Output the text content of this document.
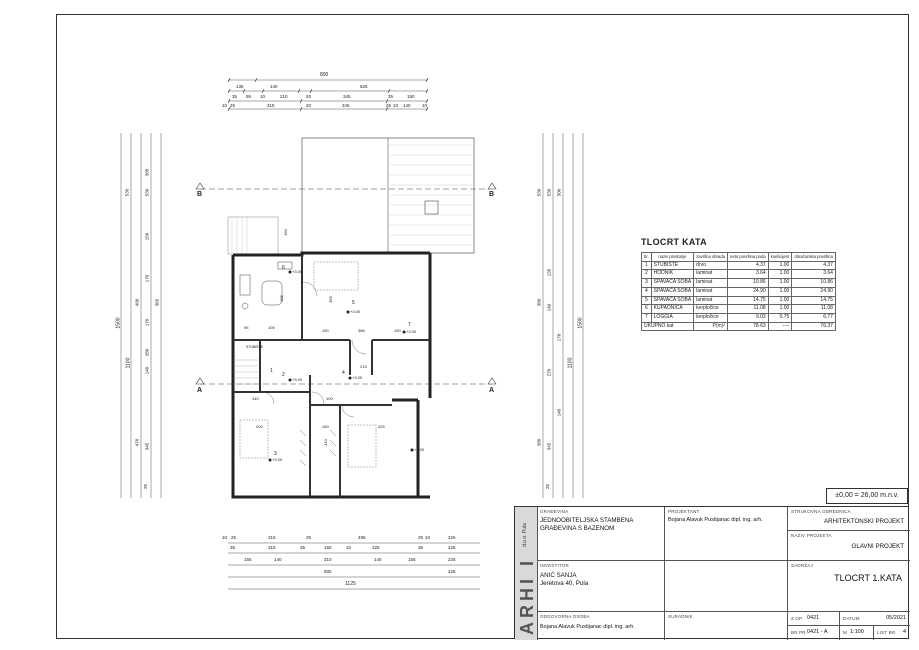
B	B
A	A
800
135	140	625
35 95 10	210	20	345	35	150
10 25	315	20	345	25 10 140	10
10 25	315	25	495	25 10	225
35	315	35	160	10	325	35	225
155	140	310	140	155	225
800	225
1125
1500
1100
530	530
380
150
170
170
490	365
140
280
470
345
25
1500
1100
530 530 500
135
380
140
170
270
140
380
345
25
1
2
3
4
5
6
7
+3.00
+3.00
+3.00
+3.00	+3.00
+3.00
+3.00
STUBIŠTE
190
150	386
365
150
140
200	160	325
310
185
95	105
100
215
TLOCRT KATA
br.	naziv prostorije	završna obrada	neto površina poda	koeficijent	obračunska površina
1	STUBIŠTE	drvo	4.37	1.00	4.37
2	HODNIK	laminat	3.64	1.00	3.64
3	SPAVAĆA SOBA	laminat	10.86	1.00	10.86
4	SPAVAĆA SOBA	laminat	24.90	1.00	24.90
5	SPAVAĆA SOBA	laminat	14.75	1.00	14.75
6	KUPAONICA	kerpločice	11.08	1.00	11.08
7	LOGGIA	kerpločice	9.03	0.75	6.77
UKUPNO kat		P(m)²	78.63	----	76.37
±0,00 = 26,00 m.n.v.
ARHI I
d.o.o. Pula
GRAĐEVINA
JEDNOOBITELJSKA STAMBENA
GRAĐEVINA S BAZENOM
PROJEKTANT
Bojana Alavuk Pustijanac dipl. ing. arh.
STRUKOVNA ODREDNICA
ARHITEKTONSKI PROJEKT
NAZIV PROJEKTA
GLAVNI PROJEKT
INVESTITOR
ANIĆ SANJA
Jeretova 40, Pula
SADRŽAJ
TLOCRT 1.KATA
ODGOVORNA OSOBA
Bojana Alavuk Pustijanac dipl. ing. arh.
SURADNIK	Z.OP. 0421	DATUM	05/2021
BR.PR. 0421 - A	M 1:100	LIST BR. 4
